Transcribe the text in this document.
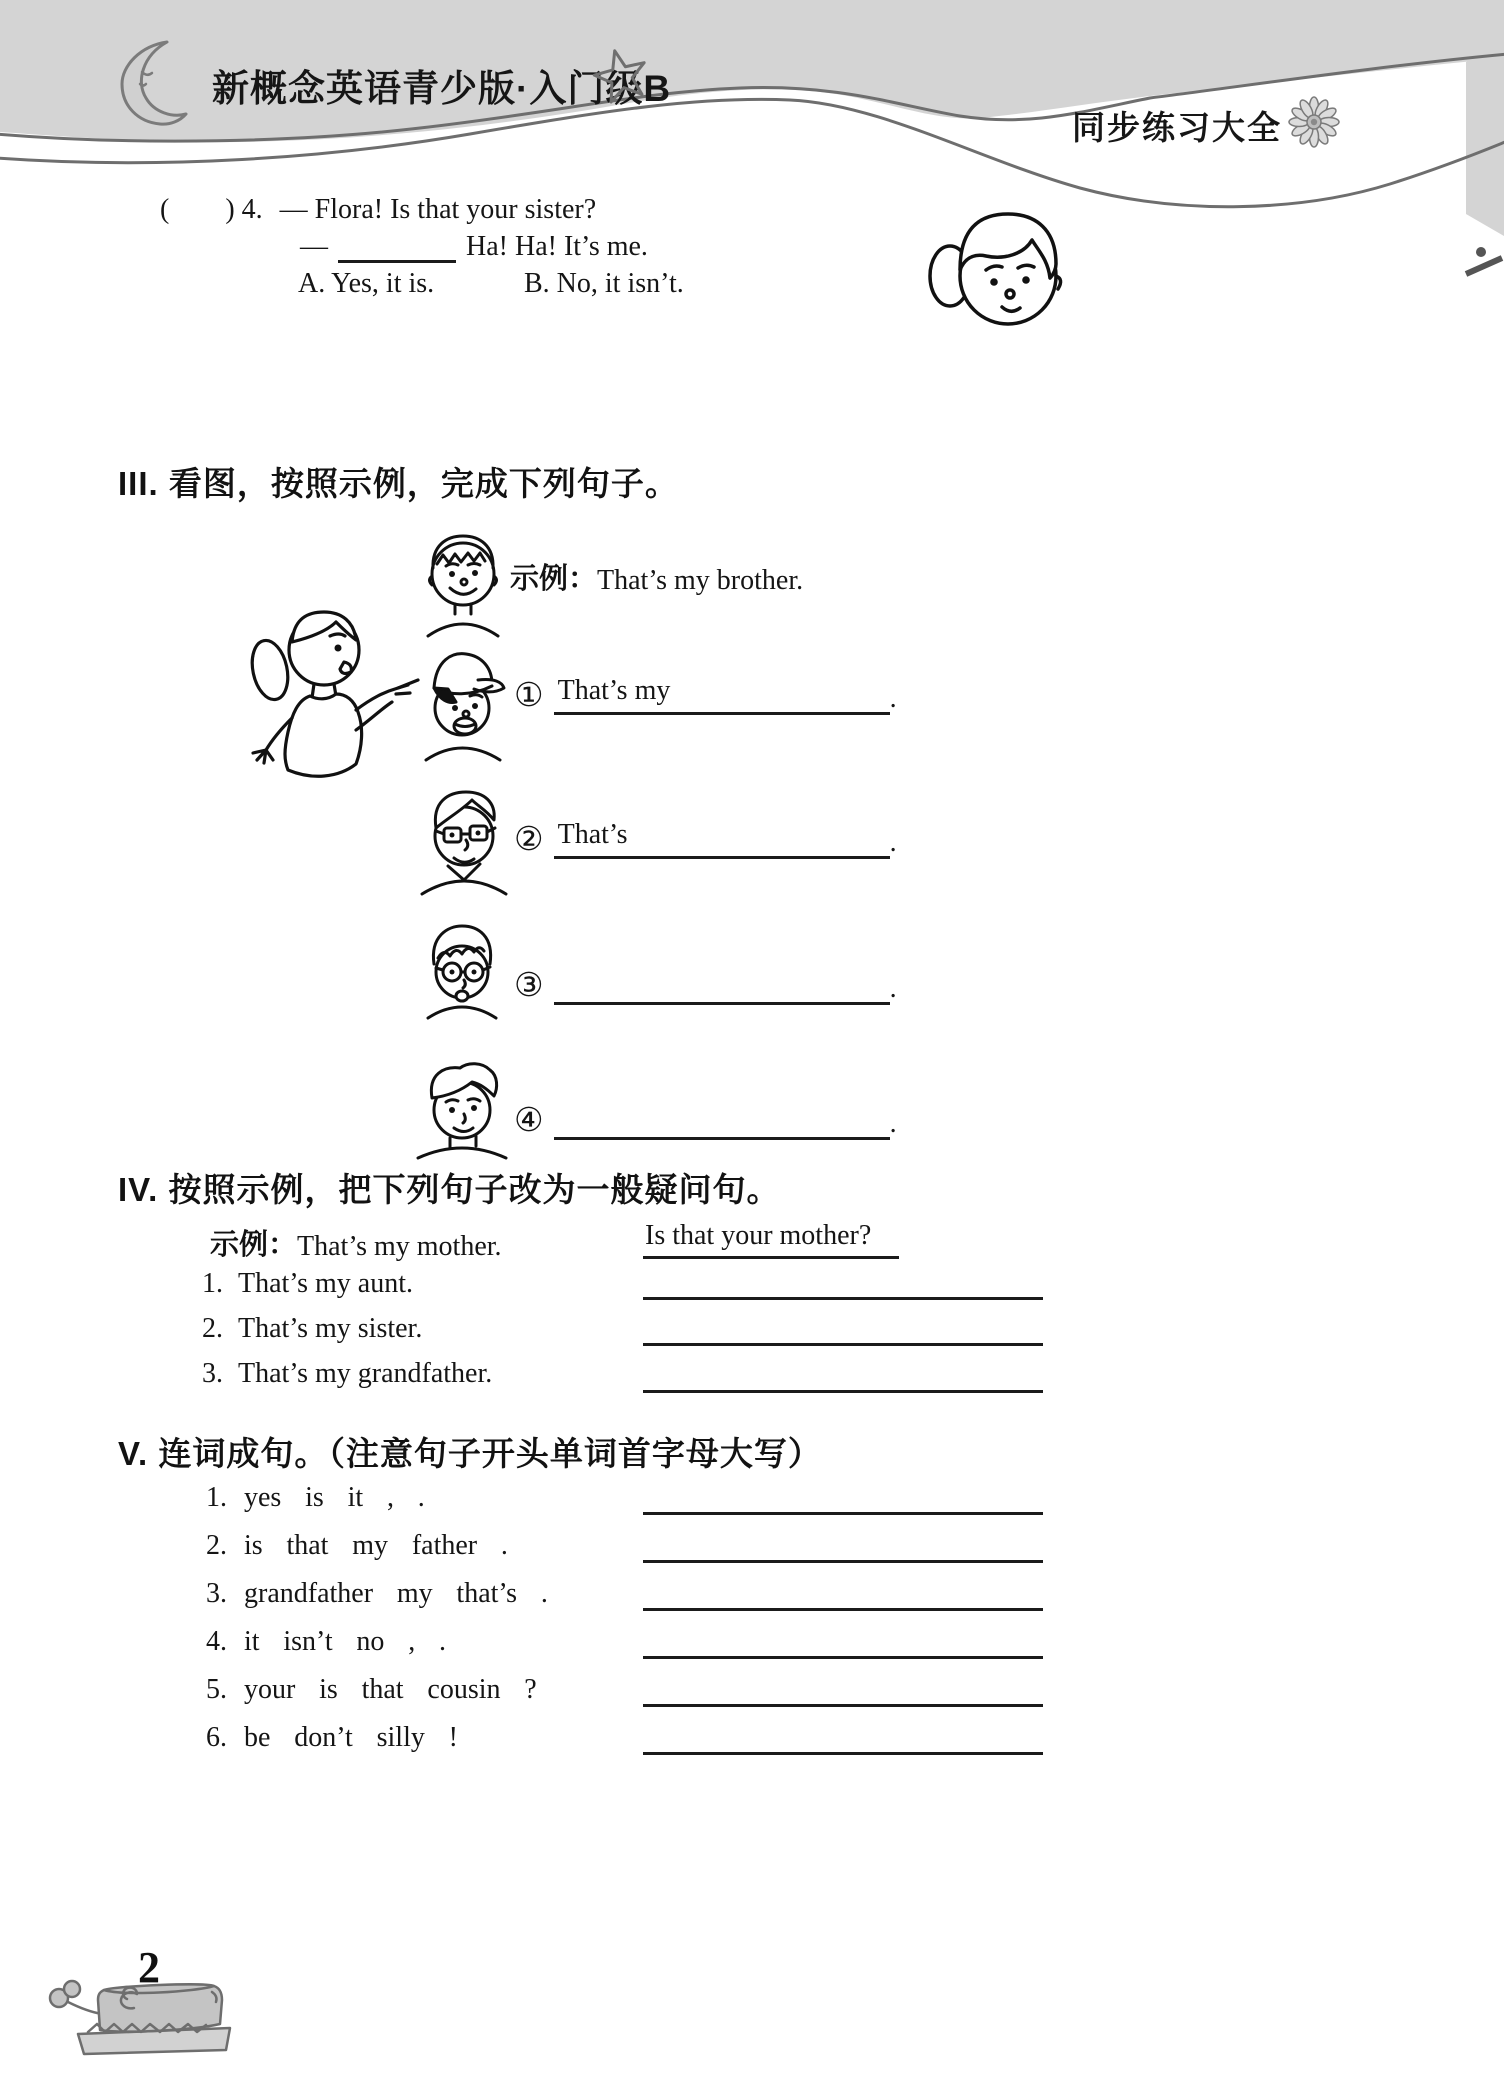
新概念英语青少版·入门级B
同步练习大全
(        ) 4. — Flora! Is that your sister?
—	Ha! Ha! It’s me.
A. Yes, it is.	B. No, it isn’t.
III. 看图，按照示例，完成下列句子。
示例： That’s my brother.
① That’s my	.
② That’s	.
③	.
④	.
IV. 按照示例，把下列句子改为一般疑问句。
示例： That’s my mother.	Is that your mother?
1. That’s my aunt.
2. That’s my sister.
3. That’s my grandfather.
V. 连词成句。（注意句子开头单词首字母大写）
1. yes is it , .
2. is that my father .
3. grandfather my that’s .
4. it isn’t no , .
5. your is that cousin ?
6. be don’t silly !
2
